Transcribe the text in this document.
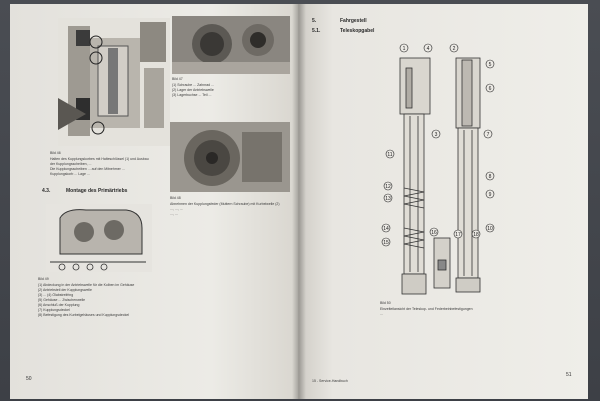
Bild 46
Halten des Kupplungskorbes mit Halteschlüssel (1) und Ausbau
der Kupplungsscheiben, ...
Die Kupplungsscheiben ... auf den Mitnehmer ...
Kupplungskorb ... Lage ...
Bild 47
(1) Schraube ... Zahnrad ...
(2) Lager der Antriebswelle
(3) Lagerbuchse ... Teil ...
Bild 48
Abnehmen der Kupplungsfeder (Muttern Schraube) mit Kurbelwelle (2)
..., ..., ...
..., ...
4.3.	Montage des Primärtriebs
Bild 49
(1) Abdeckung in der Antriebswelle für die Kolben im Gehäuse
(2) Antriebsteil der Kupplungswelle
(3) ... (4) Ölabstreifring
(5) Gehäuse ... Zwischenwelle
(6) Anschluß der Kupplung
(7) Kupplungsdeckel
(8) Befestigung des Kurbelgehäuses und Kupplungsdeckel
50
5.	Fahrgestell
5.1.	Teleskopgabel
1	2
3
4
5
6
7
8
9
10
11
12
13
14
15
16	17 18
Bild 50
Einzelteilansicht der Teleskop- und Federbeinbefestigungen
...
15 - Service-Handbuch
51
